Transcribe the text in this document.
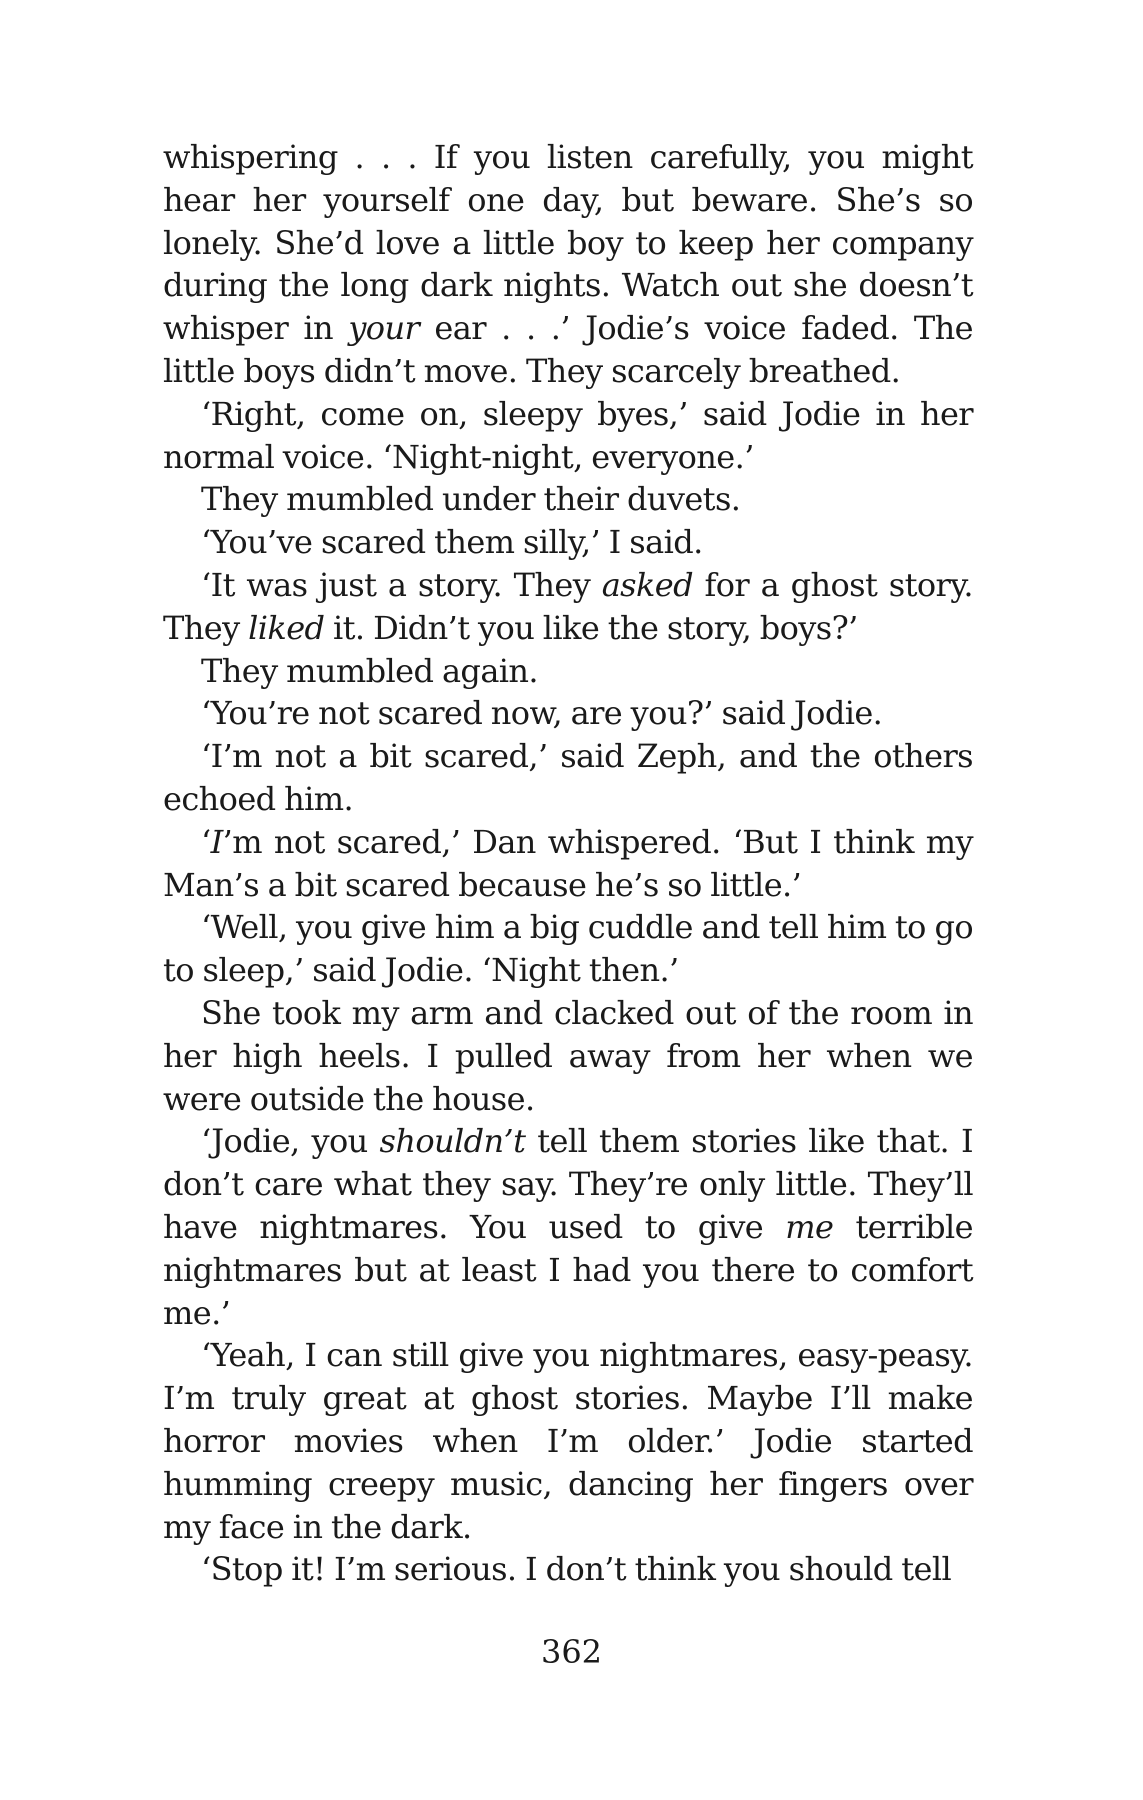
whispering . . . If you listen carefully, you might hear her yourself one day, but beware. She’s so lonely. She’d love a little boy to keep her company during the long dark nights. Watch out she doesn’t whisper in your ear . . .’ Jodie’s voice faded. The little boys didn’t move. They scarcely breathed.

‘Right, come on, sleepy byes,’ said Jodie in her normal voice. ‘Night-night, everyone.’

They mumbled under their duvets.

‘You’ve scared them silly,’ I said.

‘It was just a story. They asked for a ghost story. They liked it. Didn’t you like the story, boys?’

They mumbled again.

‘You’re not scared now, are you?’ said Jodie.

‘I’m not a bit scared,’ said Zeph, and the others echoed him.

‘I’m not scared,’ Dan whispered. ‘But I think my Man’s a bit scared because he’s so little.’

‘Well, you give him a big cuddle and tell him to go to sleep,’ said Jodie. ‘Night then.’

She took my arm and clacked out of the room in her high heels. I pulled away from her when we were outside the house.

‘Jodie, you shouldn’t tell them stories like that. I don’t care what they say. They’re only little. They’ll have nightmares. You used to give me terrible nightmares but at least I had you there to comfort me.’

‘Yeah, I can still give you nightmares, easy-peasy. I’m truly great at ghost stories. Maybe I’ll make horror movies when I’m older.’ Jodie started humming creepy music, dancing her fingers over my face in the dark.

‘Stop it! I’m serious. I don’t think you should tell

362
